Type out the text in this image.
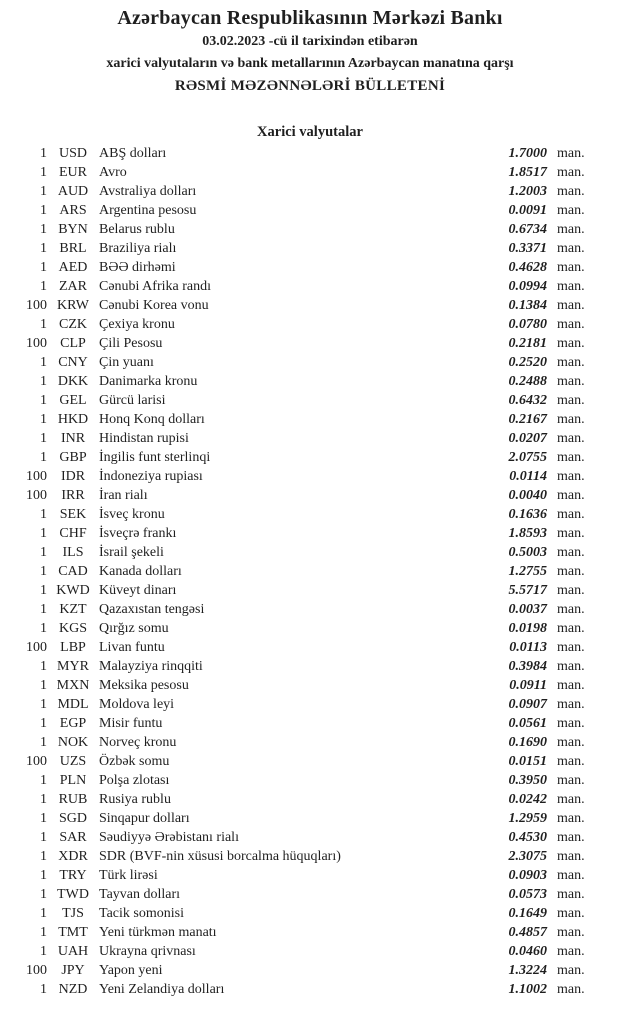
Azərbaycan Respublikasının Mərkəzi Bankı
03.02.2023 -cü il tarixindən etibarən
xarici valyutaların və bank metallarının Azərbaycan manatına qarşı
RƏSMİ MƏZƏNNƏLƏRİ BÜLLETENİ
Xarici valyutalar
1 USD ABŞ dolları	1.7000 man.
1 EUR Avro	1.8517 man.
1 AUD Avstraliya dolları	1.2003 man.
1 ARS Argentina pesosu	0.0091 man.
1 BYN Belarus rublu	0.6734 man.
1 BRL Braziliya rialı	0.3371 man.
1 AED BƏƏ dirhəmi	0.4628 man.
1 ZAR Cənubi Afrika randı	0.0994 man.
100 KRW Cənubi Korea vonu	0.1384 man.
1 CZK Çexiya kronu	0.0780 man.
100 CLP Çili Pesosu	0.2181 man.
1 CNY Çin yuanı	0.2520 man.
1 DKK Danimarka kronu	0.2488 man.
1 GEL Gürcü larisi	0.6432 man.
1 HKD Honq Konq dolları	0.2167 man.
1 INR Hindistan rupisi	0.0207 man.
1 GBP İngilis funt sterlinqi	2.0755 man.
100 IDR İndoneziya rupiası	0.0114 man.
100	IRR	İran rialı	0.0040 man.
1 SEK İsveç kronu	0.1636 man.
1 CHF İsveçrə frankı	1.8593 man.
1	ILS	İsrail şekeli	0.5003 man.
1 CAD Kanada dolları	1.2755 man.
1 KWD Küveyt dinarı	5.5717 man.
1 KZT Qazaxıstan tengəsi	0.0037 man.
1 KGS Qırğız somu	0.0198 man.
100 LBP Livan funtu	0.0113 man.
1 MYR Malayziya rinqqiti	0.3984 man.
1 MXN Meksika pesosu	0.0911 man.
1 MDL Moldova leyi	0.0907 man.
1 EGP Misir funtu	0.0561 man.
1 NOK Norveç kronu	0.1690 man.
100 UZS Özbək somu	0.0151 man.
1 PLN Polşa zlotası	0.3950 man.
1 RUB Rusiya rublu	0.0242 man.
1 SGD Sinqapur dolları	1.2959 man.
1 SAR Səudiyyə Ərəbistanı rialı	0.4530 man.
1 XDR SDR (BVF-nin xüsusi borcalma hüquqları)	2.3075 man.
1 TRY Türk lirəsi	0.0903 man.
1 TWD Tayvan dolları	0.0573 man.
1	TJS	Tacik somonisi	0.1649 man.
1 TMT Yeni türkmən manatı	0.4857 man.
1 UAH Ukrayna qrivnası	0.0460 man.
100	JPY	Yapon yeni	1.3224 man.
1 NZD Yeni Zelandiya dolları	1.1002 man.
